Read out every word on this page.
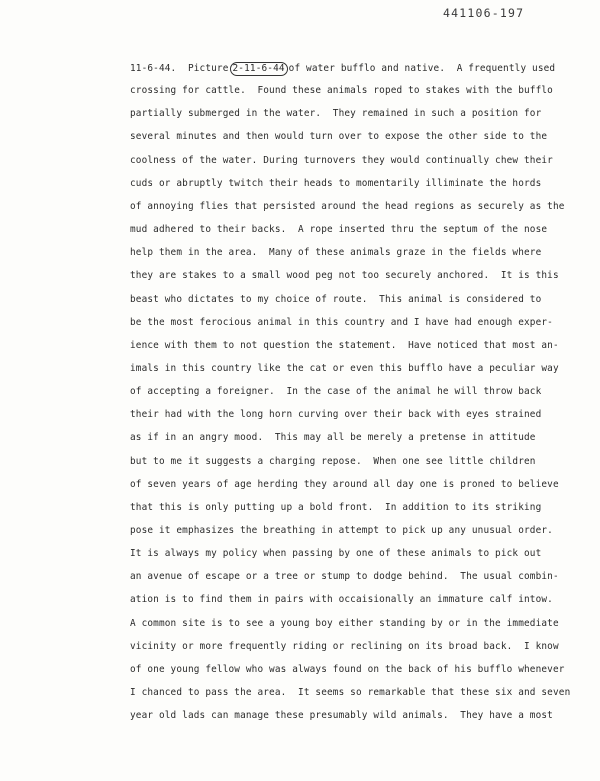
441106-197
11-6-44. Picture 2-11-6-44 of water bufflo and native.  A frequently used
crossing for cattle.  Found these animals roped to stakes with the bufflo
partially submerged in the water.  They remained in such a position for
several minutes and then would turn over to expose the other side to the
coolness of the water. During turnovers they would continually chew their
cuds or abruptly twitch their heads to momentarily illiminate the hords
of annoying flies that persisted around the head regions as securely as the
mud adhered to their backs.  A rope inserted thru the septum of the nose
help them in the area.  Many of these animals graze in the fields where
they are stakes to a small wood peg not too securely anchored.  It is this
beast who dictates to my choice of route.  This animal is considered to
be the most ferocious animal in this country and I have had enough exper-
ience with them to not question the statement.  Have noticed that most an-
imals in this country like the cat or even this bufflo have a peculiar way
of accepting a foreigner.  In the case of the animal he will throw back
their had with the long horn curving over their back with eyes strained
as if in an angry mood.  This may all be merely a pretense in attitude
but to me it suggests a charging repose.  When one see little children
of seven years of age herding they around all day one is proned to believe
that this is only putting up a bold front.  In addition to its striking
pose it emphasizes the breathing in attempt to pick up any unusual order.
It is always my policy when passing by one of these animals to pick out
an avenue of escape or a tree or stump to dodge behind.  The usual combin-
ation is to find them in pairs with occaisionally an immature calf intow.
A common site is to see a young boy either standing by or in the immediate
vicinity or more frequently riding or reclining on its broad back.  I know
of one young fellow who was always found on the back of his bufflo whenever
I chanced to pass the area.  It seems so remarkable that these six and seven
year old lads can manage these presumably wild animals.  They have a most
